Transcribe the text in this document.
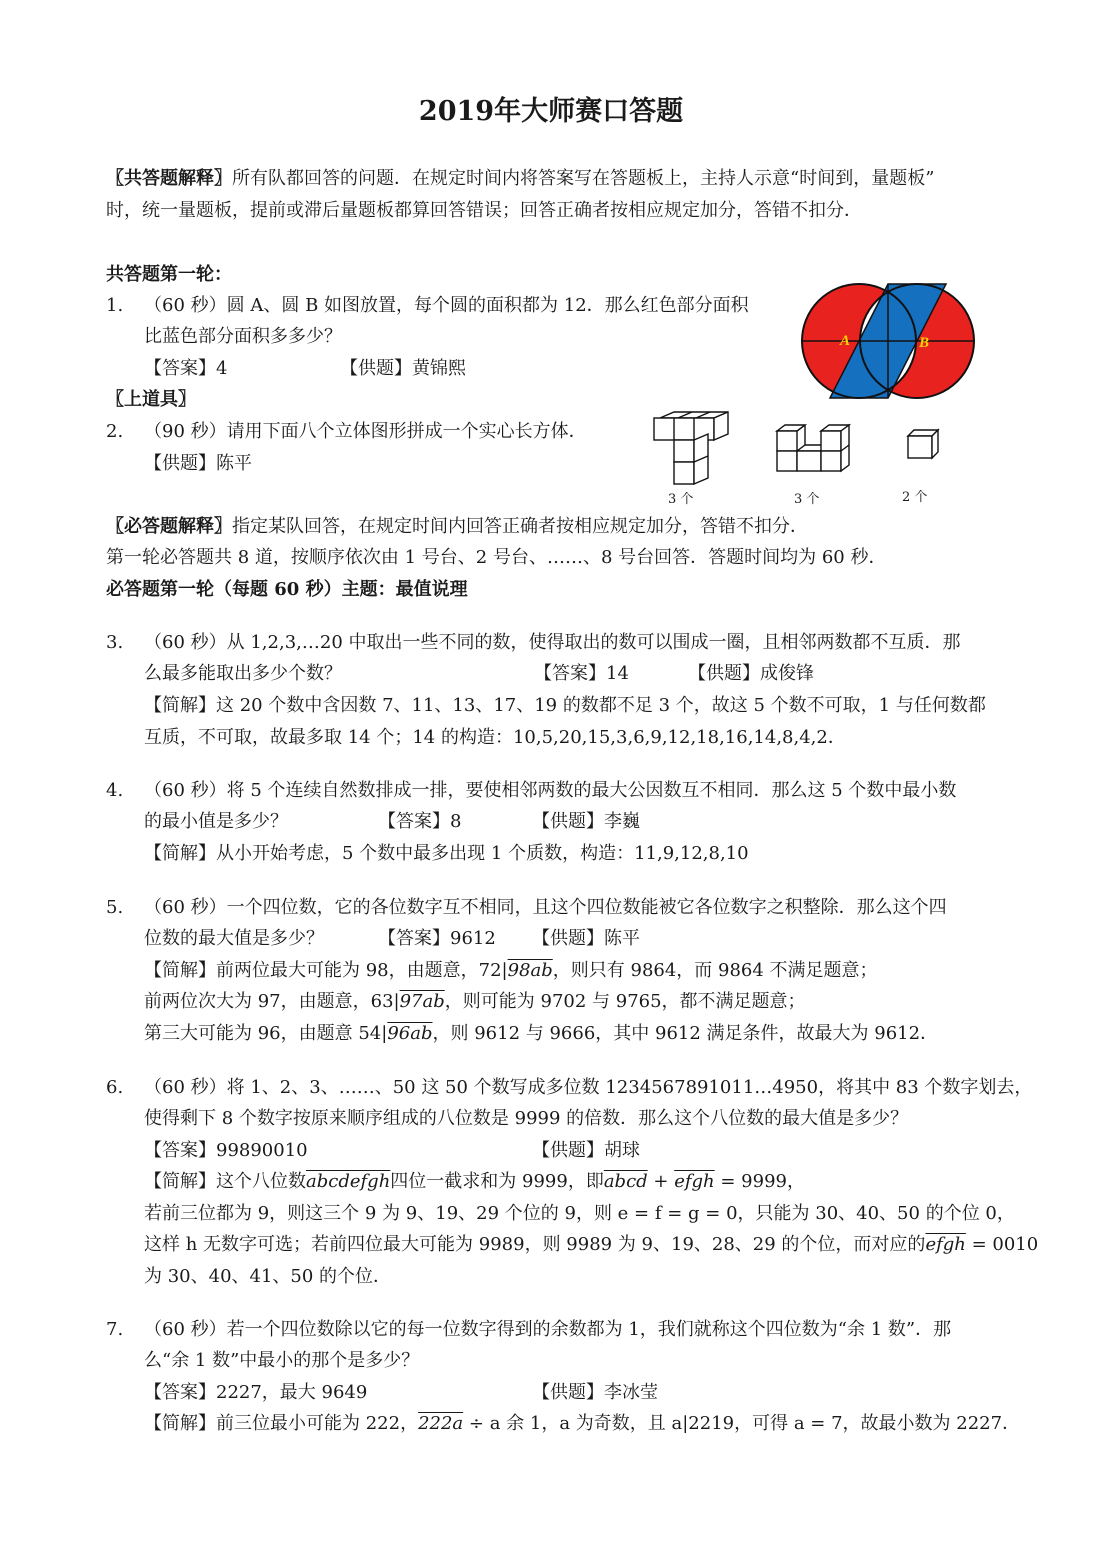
2019年大师赛口答题
〖共答题解释〗所有队都回答的问题．在规定时间内将答案写在答题板上，主持人示意“时间到，量题板”
时，统一量题板，提前或滞后量题板都算回答错误；回答正确者按相应规定加分，答错不扣分．
共答题第一轮：
1. （60 秒）圆 A、圆 B 如图放置，每个圆的面积都为 12．那么红色部分面积
比蓝色部分面积多多少？
【答案】4	【供题】黄锦熙
A	B
〖上道具〗
2. （90 秒）请用下面八个立体图形拼成一个实心长方体．
【供题】陈平
3 个	3 个	2 个
〖必答题解释〗指定某队回答，在规定时间内回答正确者按相应规定加分，答错不扣分．
第一轮必答题共 8 道，按顺序依次由 1 号台、2 号台、……、8 号台回答．答题时间均为 60 秒．
必答题第一轮（每题 60 秒）主题：最值说理
3. （60 秒）从 1,2,3,…20 中取出一些不同的数，使得取出的数可以围成一圈，且相邻两数都不互质．那
么最多能取出多少个数？	【答案】14	【供题】成俊锋
【简解】这 20 个数中含因数 7、11、13、17、19 的数都不足 3 个，故这 5 个数不可取，1 与任何数都
互质，不可取，故最多取 14 个；14 的构造：10,5,20,15,3,6,9,12,18,16,14,8,4,2．
4. （60 秒）将 5 个连续自然数排成一排，要使相邻两数的最大公因数互不相同．那么这 5 个数中最小数
的最小值是多少？	【答案】8	【供题】李巍
【简解】从小开始考虑，5 个数中最多出现 1 个质数，构造：11,9,12,8,10
5. （60 秒）一个四位数，它的各位数字互不相同，且这个四位数能被它各位数字之积整除．那么这个四
位数的最大值是多少？	【答案】9612 【供题】陈平
【简解】前两位最大可能为 98，由题意，72|98ab，则只有 9864，而 9864 不满足题意；
前两位次大为 97，由题意，63|97ab，则可能为 9702 与 9765，都不满足题意；
第三大可能为 96，由题意 54|96ab，则 9612 与 9666，其中 9612 满足条件，故最大为 9612．
6. （60 秒）将 1、2、3、……、50 这 50 个数写成多位数 1234567891011…4950，将其中 83 个数字划去，
使得剩下 8 个数字按原来顺序组成的八位数是 9999 的倍数．那么这个八位数的最大值是多少？
【答案】99890010	【供题】胡球
【简解】这个八位数abcdefgh四位一截求和为 9999，即abcd + efgh = 9999，
若前三位都为 9，则这三个 9 为 9、19、29 个位的 9，则 e = f = g = 0，只能为 30、40、50 的个位 0，
这样 h 无数字可选；若前四位最大可能为 9989，则 9989 为 9、19、28、29 的个位，而对应的efgh = 0010
为 30、40、41、50 的个位．
7. （60 秒）若一个四位数除以它的每一位数字得到的余数都为 1，我们就称这个四位数为“余 1 数”．那
么“余 1 数”中最小的那个是多少？
【答案】2227，最大 9649	【供题】李冰莹
【简解】前三位最小可能为 222，222a ÷ a 余 1，a 为奇数，且 a|2219，可得 a = 7，故最小数为 2227．
